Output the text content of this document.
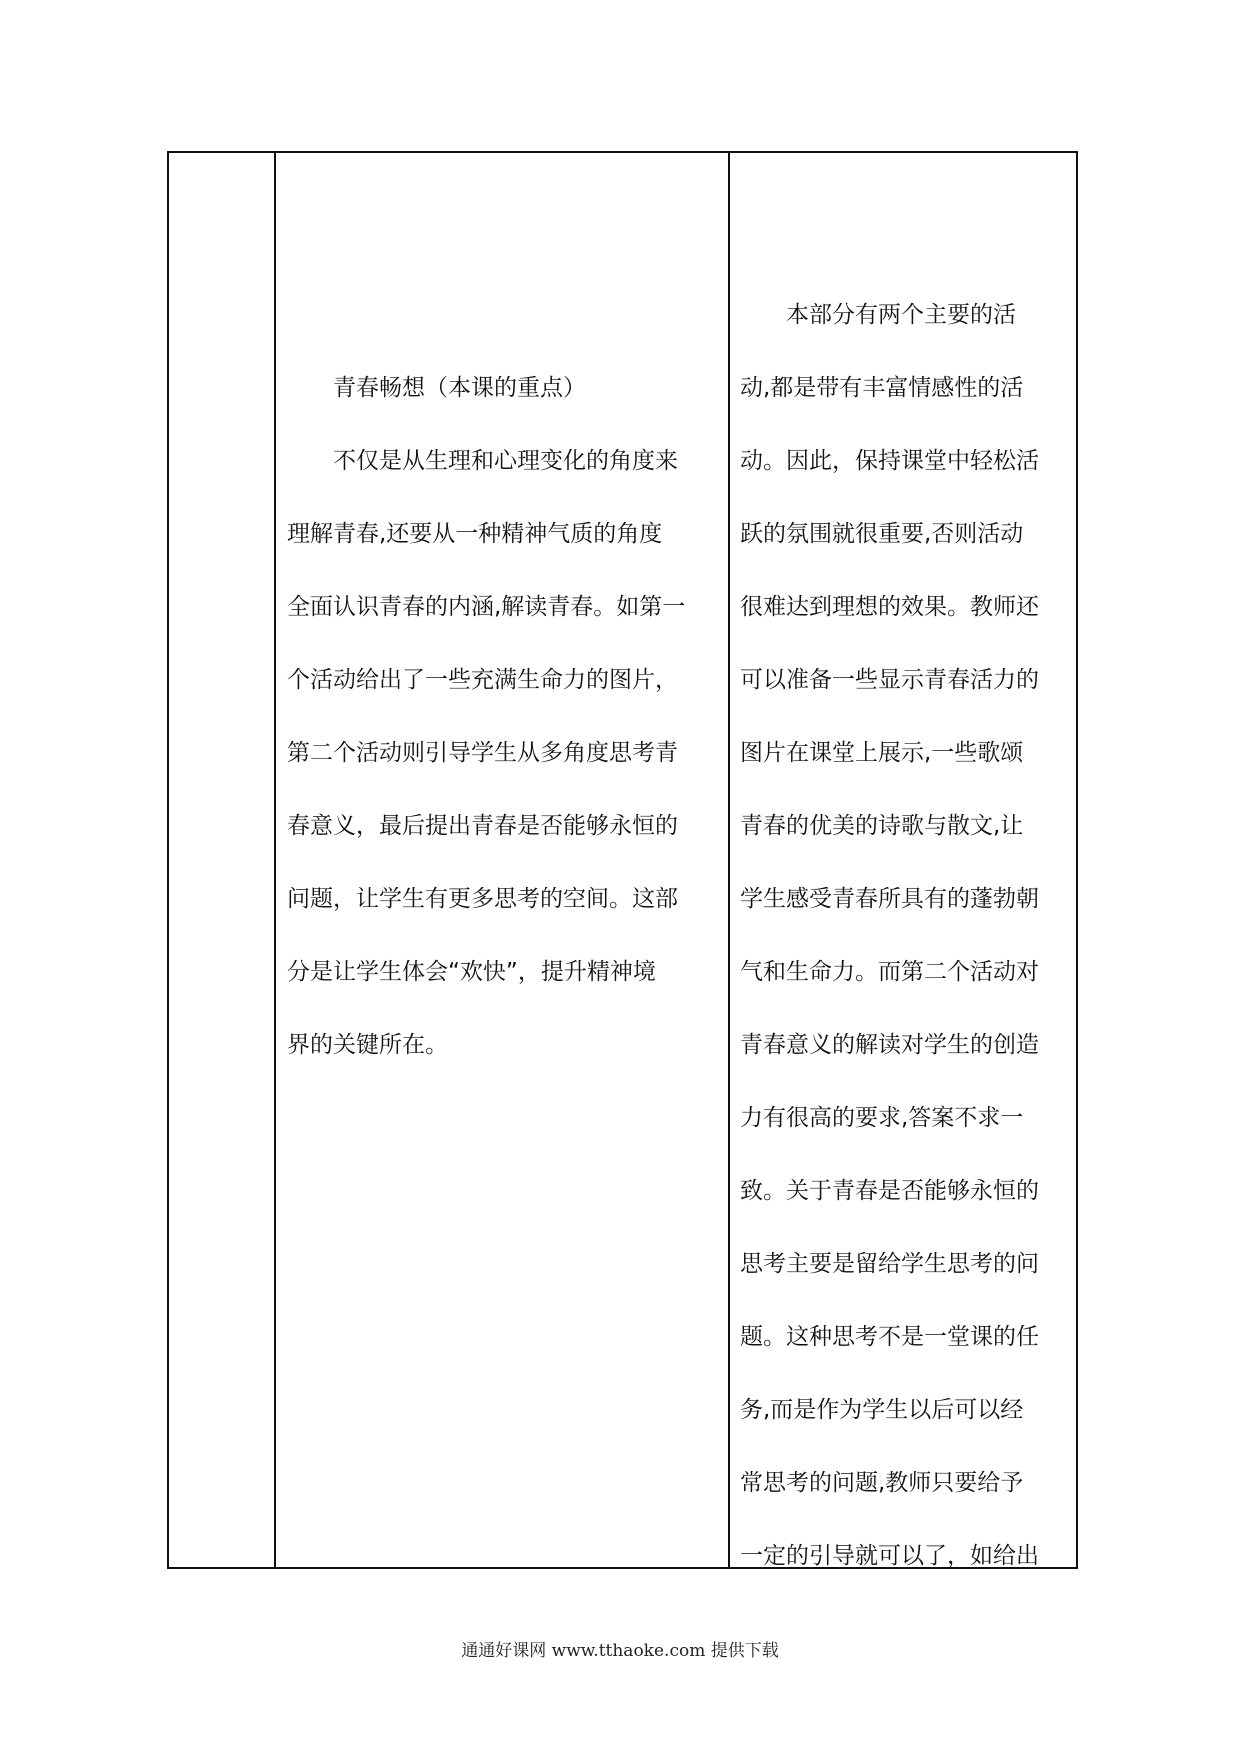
青春畅想（本课的重点）

不仅是从生理和心理变化的角度来
理解青春,还要从一种精神气质的角度
全面认识青春的内涵,解读青春。如第一
个活动给出了一些充满生命力的图片，
第二个活动则引导学生从多角度思考青
春意义，最后提出青春是否能够永恒的
问题，让学生有更多思考的空间。这部
分是让学生体会“欢快”，提升精神境
界的关键所在。

本部分有两个主要的活
动,都是带有丰富情感性的活
动。因此，保持课堂中轻松活
跃的氛围就很重要,否则活动
很难达到理想的效果。教师还
可以准备一些显示青春活力的
图片在课堂上展示,一些歌颂
青春的优美的诗歌与散文,让
学生感受青春所具有的蓬勃朝
气和生命力。而第二个活动对
青春意义的解读对学生的创造
力有很高的要求,答案不求一
致。关于青春是否能够永恒的
思考主要是留给学生思考的问
题。这种思考不是一堂课的任
务,而是作为学生以后可以经
常思考的问题,教师只要给予
一定的引导就可以了，如给出

通通好课网 www.tthaoke.com 提供下载
